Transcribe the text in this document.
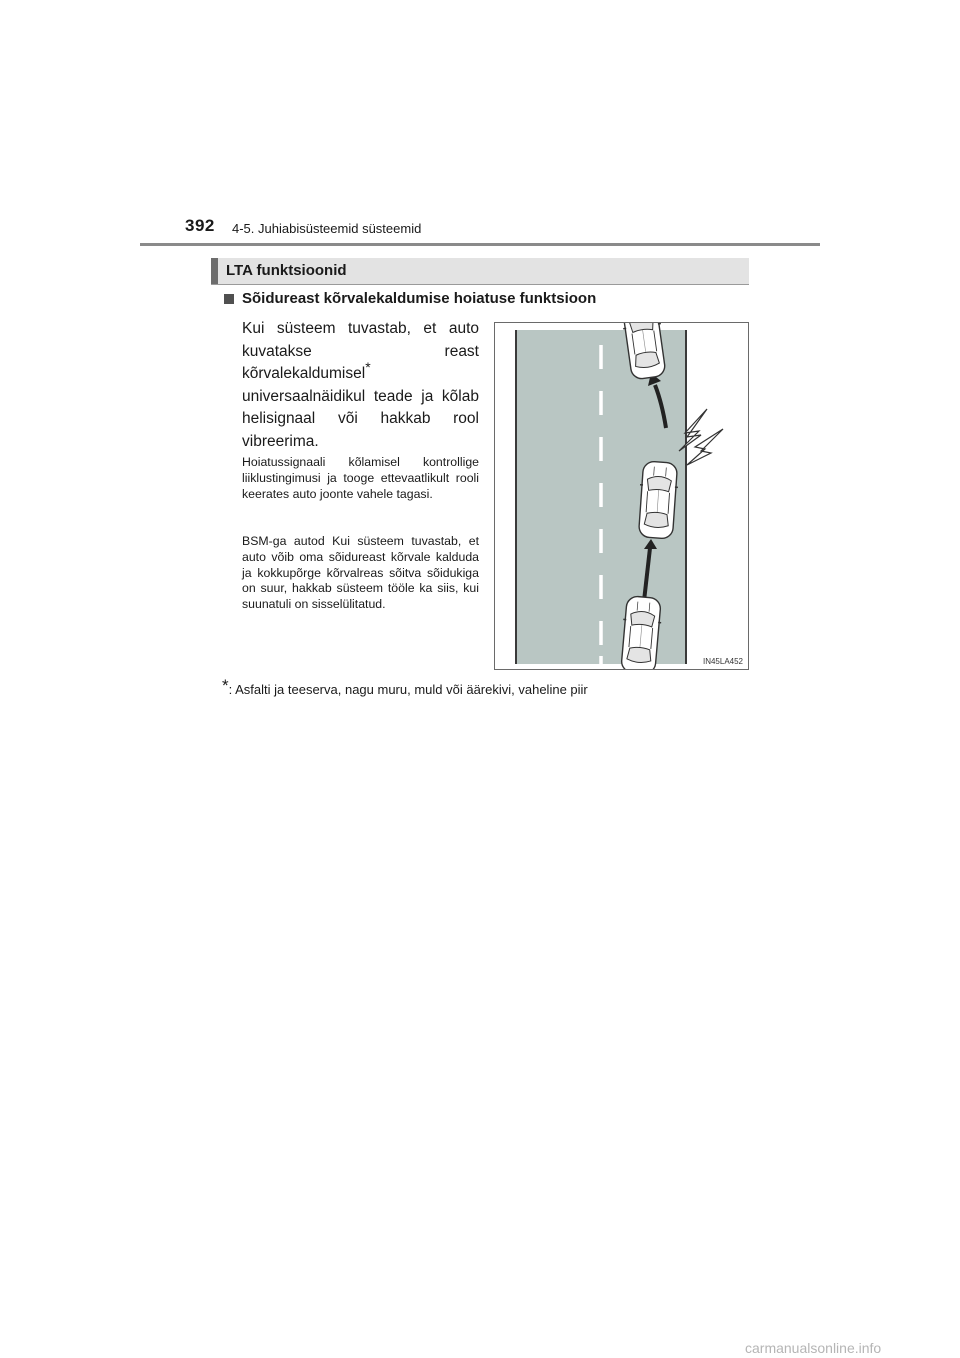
392 4-5. Juhiabisüsteemid süsteemid
LTA funktsioonid
Sõidureast kõrvalekaldumise hoiatuse funktsioon
Kui süsteem tuvastab, et auto kuvatakse reast kõrvalekaldumisel* universaalnäidikul teade ja kõlab helisignaal või hakkab rool vibreerima.
Hoiatussignaali kõlamisel kontrollige liiklustingimusi ja tooge ettevaatlikult rooli keerates auto joonte vahele tagasi.
BSM-ga autod Kui süsteem tuvastab, et auto võib oma sõidureast kõrvale kalduda ja kokkupõrge kõrvalreas sõitva sõidukiga on suur, hakkab süsteem tööle ka siis, kui suunatuli on sisselülitatud.
IN45LA452
*: Asfalti ja teeserva, nagu muru, muld või äärekivi, vaheline piir
carmanualsonline.info
